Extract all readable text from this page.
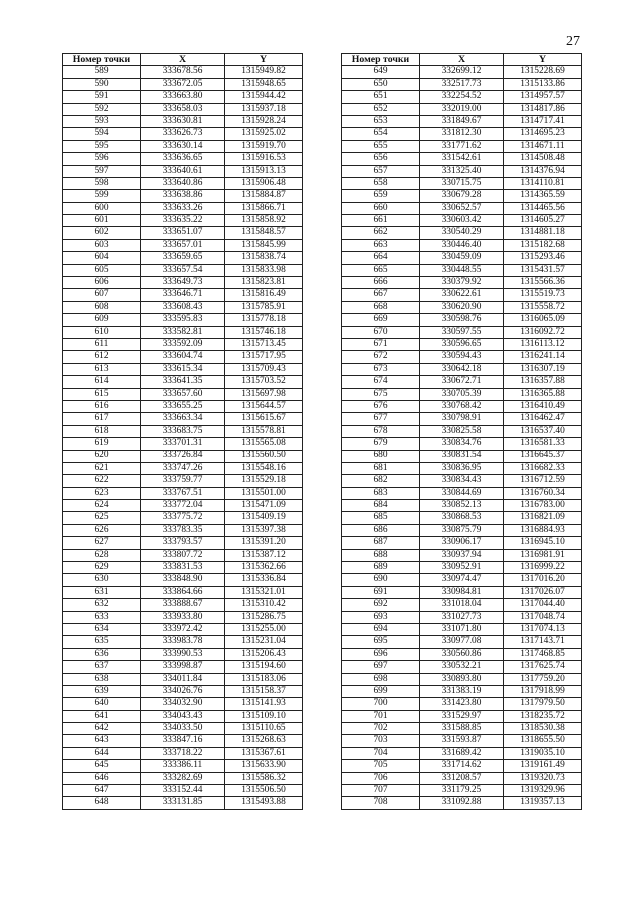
27
Номер точки	X	Y
589	333678.56	1315949.82
590	333672.05	1315948.65
591	333663.80	1315944.42
592	333658.03	1315937.18
593	333630.81	1315928.24
594	333626.73	1315925.02
595	333630.14	1315919.70
596	333636.65	1315916.53
597	333640.61	1315913.13
598	333640.86	1315906.48
599	333638.86	1315884.87
600	333633.26	1315866.71
601	333635.22	1315858.92
602	333651.07	1315848.57
603	333657.01	1315845.99
604	333659.65	1315838.74
605	333657.54	1315833.98
606	333649.73	1315823.81
607	333646.71	1315816.49
608	333608.43	1315785.91
609	333595.83	1315778.18
610	333582.81	1315746.18
611	333592.09	1315713.45
612	333604.74	1315717.95
613	333615.34	1315709.43
614	333641.35	1315703.52
615	333657.60	1315697.98
616	333655.25	1315644.57
617	333663.34	1315615.67
618	333683.75	1315578.81
619	333701.31	1315565.08
620	333726.84	1315560.50
621	333747.26	1315548.16
622	333759.77	1315529.18
623	333767.51	1315501.00
624	333772.04	1315471.09
625	333775.72	1315409.19
626	333783.35	1315397.38
627	333793.57	1315391.20
628	333807.72	1315387.12
629	333831.53	1315362.66
630	333848.90	1315336.84
631	333864.66	1315321.01
632	333888.67	1315310.42
633	333933.80	1315286.75
634	333972.42	1315255.00
635	333983.78	1315231.04
636	333990.53	1315206.43
637	333998.87	1315194.60
638	334011.84	1315183.06
639	334026.76	1315158.37
640	334032.90	1315141.93
641	334043.43	1315109.10
642	334033.50	1315110.65
643	333847.16	1315268.63
644	333718.22	1315367.61
645	333386.11	1315633.90
646	333282.69	1315586.32
647	333152.44	1315506.50
648	333131.85	1315493.88
Номер точки	X	Y
649	332699.12	1315228.69
650	332517.73	1315133.86
651	332254.52	1314957.57
652	332019.00	1314817.86
653	331849.67	1314717.41
654	331812.30	1314695.23
655	331771.62	1314671.11
656	331542.61	1314508.48
657	331325.40	1314376.94
658	330715.75	1314110.81
659	330679.28	1314365.59
660	330652.57	1314465.56
661	330603.42	1314605.27
662	330540.29	1314881.18
663	330446.40	1315182.68
664	330459.09	1315293.46
665	330448.55	1315431.57
666	330379.92	1315566.36
667	330622.61	1315519.73
668	330620.90	1315558.72
669	330598.76	1316065.09
670	330597.55	1316092.72
671	330596.65	1316113.12
672	330594.43	1316241.14
673	330642.18	1316307.19
674	330672.71	1316357.88
675	330705.39	1316365.88
676	330768.42	1316410.49
677	330798.91	1316462.47
678	330825.58	1316537.40
679	330834.76	1316581.33
680	330831.54	1316645.37
681	330836.95	1316682.33
682	330834.43	1316712.59
683	330844.69	1316760.34
684	330852.13	1316783.00
685	330868.53	1316821.09
686	330875.79	1316884.93
687	330906.17	1316945.10
688	330937.94	1316981.91
689	330952.91	1316999.22
690	330974.47	1317016.20
691	330984.81	1317026.07
692	331018.04	1317044.40
693	331027.73	1317048.74
694	331071.80	1317074.13
695	330977.08	1317143.71
696	330560.86	1317468.85
697	330532.21	1317625.74
698	330893.80	1317759.20
699	331383.19	1317918.99
700	331423.80	1317979.50
701	331529.97	1318235.72
702	331588.85	1318530.38
703	331593.87	1318655.50
704	331689.42	1319035.10
705	331714.62	1319161.49
706	331208.57	1319320.73
707	331179.25	1319329.96
708	331092.88	1319357.13
